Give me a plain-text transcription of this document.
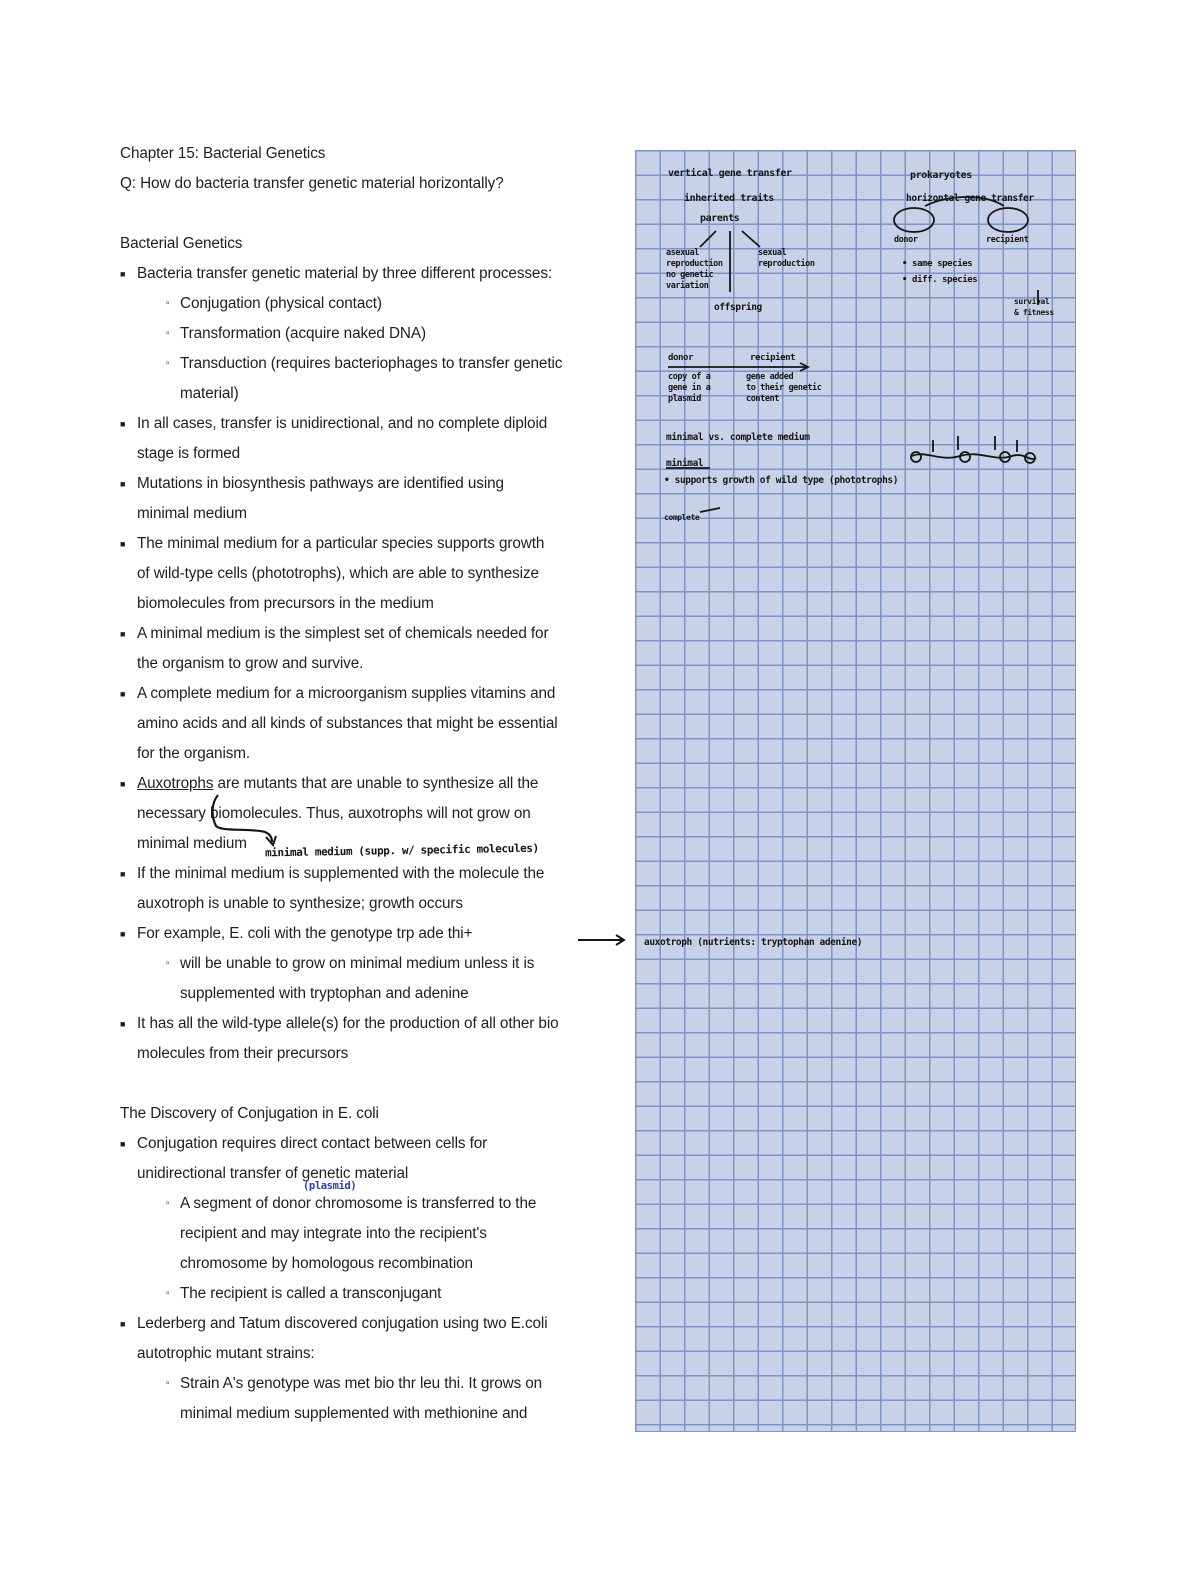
Chapter 15: Bacterial Genetics
Q: How do bacteria transfer genetic material horizontally?
Bacterial Genetics
■ Bacteria transfer genetic material by three different processes:
▫ Conjugation (physical contact)
▫ Transformation (acquire naked DNA)
▫ Transduction (requires bacteriophages to transfer genetic
material)
■ In all cases, transfer is unidirectional, and no complete diploid
stage is formed
■ Mutations in biosynthesis pathways are identified using
minimal medium
■ The minimal medium for a particular species supports growth
of wild-type cells (phototrophs), which are able to synthesize
biomolecules from precursors in the medium
■ A minimal medium is the simplest set of chemicals needed for
the organism to grow and survive.
■ A complete medium for a microorganism supplies vitamins and
amino acids and all kinds of substances that might be essential
for the organism.
■ Auxotrophs are mutants that are unable to synthesize all the
necessary biomolecules. Thus, auxotrophs will not grow on
minimal medium
■ If the minimal medium is supplemented with the molecule the
auxotroph is unable to synthesize; growth occurs
■ For example, E. coli with the genotype trp ade thi+
▫ will be unable to grow on minimal medium unless it is
supplemented with tryptophan and adenine
■ It has all the wild-type allele(s) for the production of all other bio
molecules from their precursors
The Discovery of Conjugation in E. coli
■ Conjugation requires direct contact between cells for
unidirectional transfer of genetic material
▫ A segment of donor chromosome is transferred to the
recipient and may integrate into the recipient's
chromosome by homologous recombination
▫ The recipient is called a transconjugant
■ Lederberg and Tatum discovered conjugation using two E.coli
autotrophic mutant strains:
▫ Strain A's genotype was met bio thr leu thi. It grows on
minimal medium supplemented with methionine and
minimal medium (supp. w/ specific molecules)
(plasmid)
vertical gene transfer
inherited traits
parents
asexual
reproduction
no genetic
variation
sexual
reproduction
offspring
prokaryotes
horizontal gene transfer
donor	recipient
• same species
• diff. species
survival
& fitness
donor	recipient
copy of a
gene in a
plasmid
gene added
to their genetic
content
minimal vs. complete medium
minimal
• supports growth of wild type (phototrophs)
complete
auxotroph (nutrients: tryptophan adenine)
